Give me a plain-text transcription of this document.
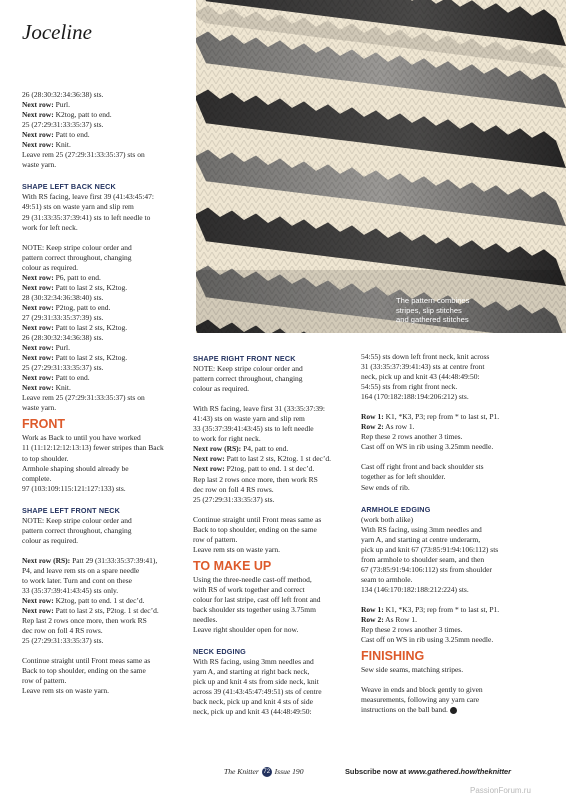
Joceline
The pattern combines
stripes, slip stitches
and gathered stitches
26 (28:30:32:34:36:38) sts.
Next row: Purl.
Next row: K2tog, patt to end.
25 (27:29:31:33:35:37) sts.
Next row: Patt to end.
Next row: Knit.
Leave rem 25 (27:29:31:33:35:37) sts on
waste yarn.
SHAPE LEFT BACK NECK
With RS facing, leave first 39 (41:43:45:47:
49:51) sts on waste yarn and slip rem
29 (31:33:35:37:39:41) sts to left needle to
work for left neck.
NOTE: Keep stripe colour order and
pattern correct throughout, changing
colour as required.
Next row: P6, patt to end.
Next row: Patt to last 2 sts, K2tog.
28 (30:32:34:36:38:40) sts.
Next row: P2tog, patt to end.
27 (29:31:33:35:37:39) sts.
Next row: Patt to last 2 sts, K2tog.
26 (28:30:32:34:36:38) sts.
Next row: Purl.
Next row: Patt to last 2 sts, K2tog.
25 (27:29:31:33:35:37) sts.
Next row: Patt to end.
Next row: Knit.
Leave rem 25 (27:29:31:33:35:37) sts on
waste yarn.
FRONT
Work as Back to until you have worked
11 (11:12:12:12:13:13) fewer stripes than Back
to top shoulder.
Armhole shaping should already be
complete.
97 (103:109:115:121:127:133) sts.
SHAPE LEFT FRONT NECK
NOTE: Keep stripe colour order and
pattern correct throughout, changing
colour as required.
Next row (RS): Patt 29 (31:33:35:37:39:41),
P4, and leave rem sts on a spare needle
to work later. Turn and cont on these
33 (35:37:39:41:43:45) sts only.
Next row: K2tog, patt to end. 1 st dec’d.
Next row: Patt to last 2 sts, P2tog. 1 st dec’d.
Rep last 2 rows once more, then work RS
dec row on foll 4 RS rows.
25 (27:29:31:33:35:37) sts.
Continue straight until Front meas same as
Back to top shoulder, ending on the same
row of pattern.
Leave rem sts on waste yarn.
SHAPE RIGHT FRONT NECK
NOTE: Keep stripe colour order and
pattern correct throughout, changing
colour as required.
With RS facing, leave first 31 (33:35:37:39:
41:43) sts on waste yarn and slip rem
33 (35:37:39:41:43:45) sts to left needle
to work for right neck.
Next row (RS): P4, patt to end.
Next row: Patt to last 2 sts, K2tog. 1 st dec’d.
Next row: P2tog, patt to end. 1 st dec’d.
Rep last 2 rows once more, then work RS
dec row on foll 4 RS rows.
25 (27:29:31:33:35:37) sts.
Continue straight until Front meas same as
Back to top shoulder, ending on the same
row of pattern.
Leave rem sts on waste yarn.
TO MAKE UP
Using the three-needle cast-off method,
with RS of work together and correct
colour for last stripe, cast off left front and
back shoulder sts together using 3.75mm
needles.
Leave right shoulder open for now.
NECK EDGING
With RS facing, using 3mm needles and
yarn A, and starting at right back neck,
pick up and knit 4 sts from side neck, knit
across 39 (41:43:45:47:49:51) sts of centre
back neck, pick up and knit 4 sts of side
neck, pick up and knit 43 (44:48:49:50:
54:55) sts down left front neck, knit across
31 (33:35:37:39:41:43) sts at centre front
neck, pick up and knit 43 (44:48:49:50:
54:55) sts from right front neck.
164 (170:182:188:194:206:212) sts.
Row 1: K1, *K3, P3; rep from * to last st, P1.
Row 2: As row 1.
Rep these 2 rows another 3 times.
Cast off on WS in rib using 3.25mm needle.
Cast off right front and back shoulder sts
together as for left shoulder.
Sew ends of rib.
ARMHOLE EDGING
(work both alike)
With RS facing, using 3mm needles and
yarn A, and starting at centre underarm,
pick up and knit 67 (73:85:91:94:106:112) sts
from armhole to shoulder seam, and then
67 (73:85:91:94:106:112) sts from shoulder
seam to armhole.
134 (146:170:182:188:212:224) sts.
Row 1: K1, *K3, P3; rep from * to last st, P1.
Row 2: As Row 1.
Rep these 2 rows another 3 times.
Cast off on WS in rib using 3.25mm needle.
FINISHING
Sew side seams, matching stripes.
Weave in ends and block gently to given
measurements, following any yarn care
instructions on the ball band.
The Knitter 72 Issue 190	Subscribe now at www.gathered.how/theknitter
PassionForum.ru
